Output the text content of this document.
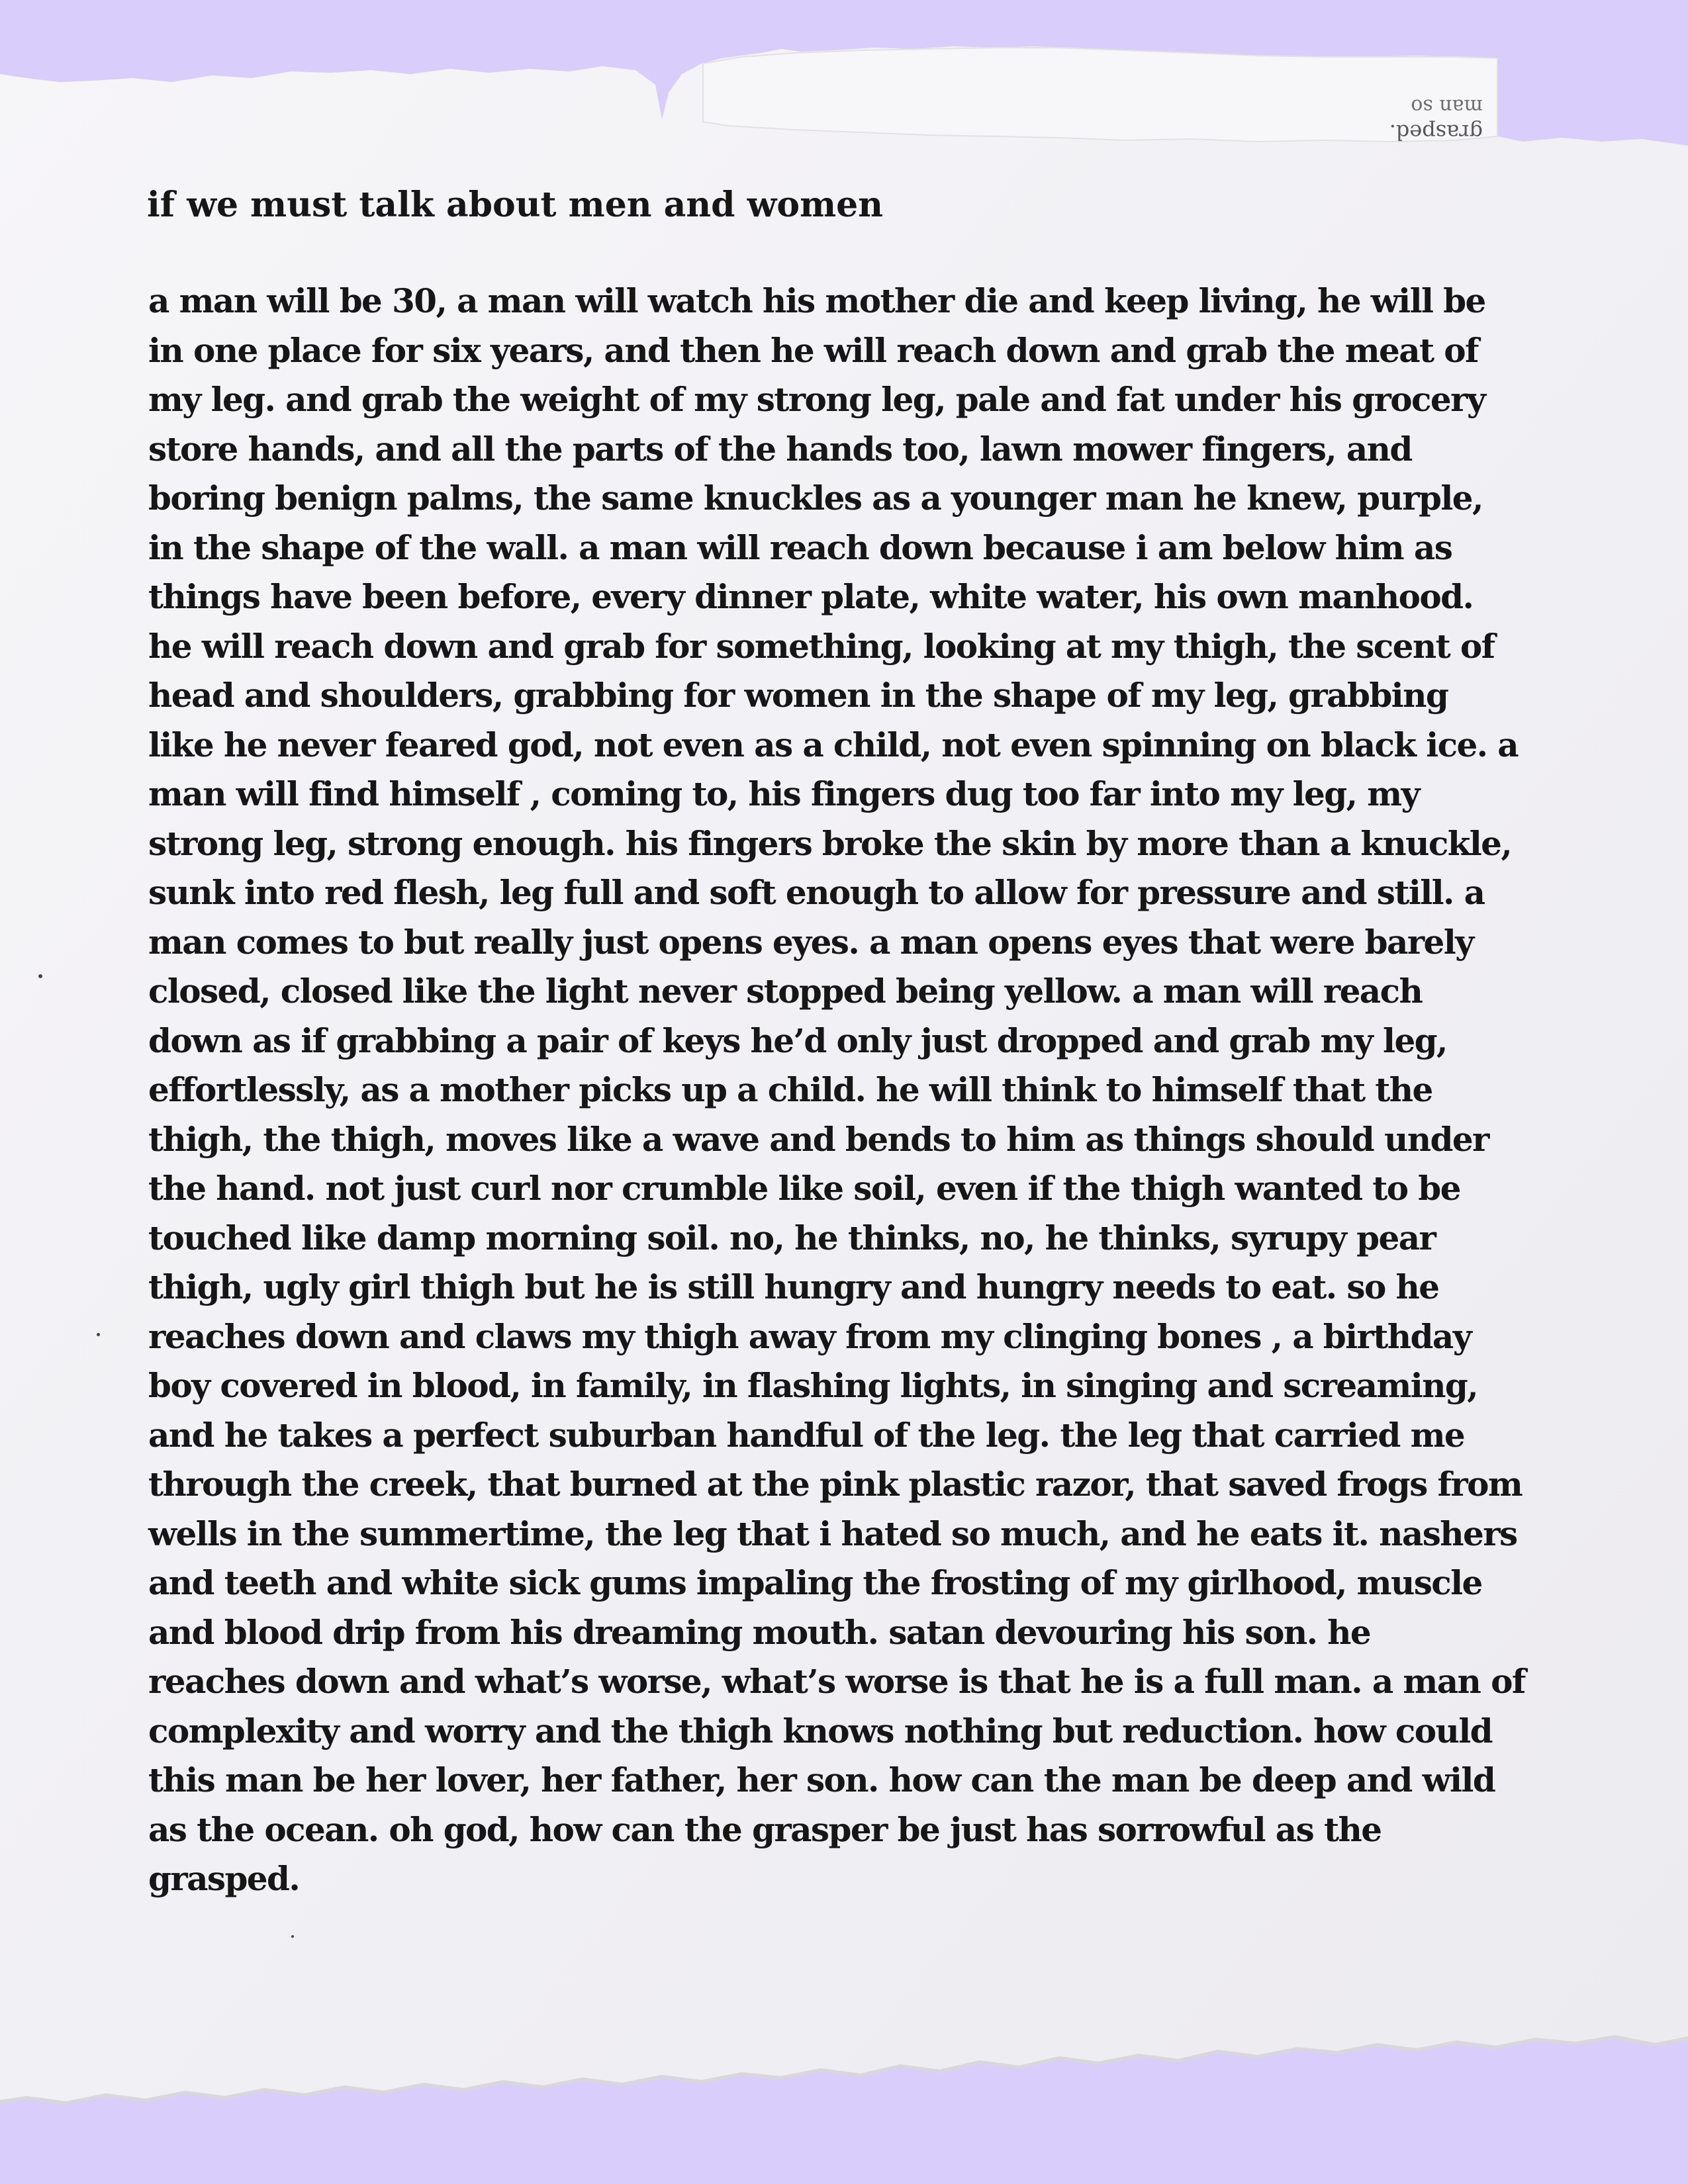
grasped.
man so
if we must talk about men and women
a man will be 30, a man will watch his mother die and keep living, he will be
in one place for six years, and then he will reach down and grab the meat of
my leg. and grab the weight of my strong leg, pale and fat under his grocery
store hands, and all the parts of the hands too, lawn mower fingers, and
boring benign palms, the same knuckles as a younger man he knew, purple,
in the shape of the wall. a man will reach down because i am below him as
things have been before, every dinner plate, white water, his own manhood.
he will reach down and grab for something, looking at my thigh, the scent of
head and shoulders, grabbing for women in the shape of my leg, grabbing
like he never feared god, not even as a child, not even spinning on black ice. a
man will find himself , coming to, his fingers dug too far into my leg, my
strong leg, strong enough. his fingers broke the skin by more than a knuckle,
sunk into red flesh, leg full and soft enough to allow for pressure and still. a
man comes to but really just opens eyes. a man opens eyes that were barely
closed, closed like the light never stopped being yellow. a man will reach
down as if grabbing a pair of keys he’d only just dropped and grab my leg,
effortlessly, as a mother picks up a child. he will think to himself that the
thigh, the thigh, moves like a wave and bends to him as things should under
the hand. not just curl nor crumble like soil, even if the thigh wanted to be
touched like damp morning soil. no, he thinks, no, he thinks, syrupy pear
thigh, ugly girl thigh but he is still hungry and hungry needs to eat. so he
reaches down and claws my thigh away from my clinging bones , a birthday
boy covered in blood, in family, in flashing lights, in singing and screaming,
and he takes a perfect suburban handful of the leg. the leg that carried me
through the creek, that burned at the pink plastic razor, that saved frogs from
wells in the summertime, the leg that i hated so much, and he eats it. nashers
and teeth and white sick gums impaling the frosting of my girlhood, muscle
and blood drip from his dreaming mouth. satan devouring his son. he
reaches down and what’s worse, what’s worse is that he is a full man. a man of
complexity and worry and the thigh knows nothing but reduction. how could
this man be her lover, her father, her son. how can the man be deep and wild
as the ocean. oh god, how can the grasper be just has sorrowful as the
grasped.
